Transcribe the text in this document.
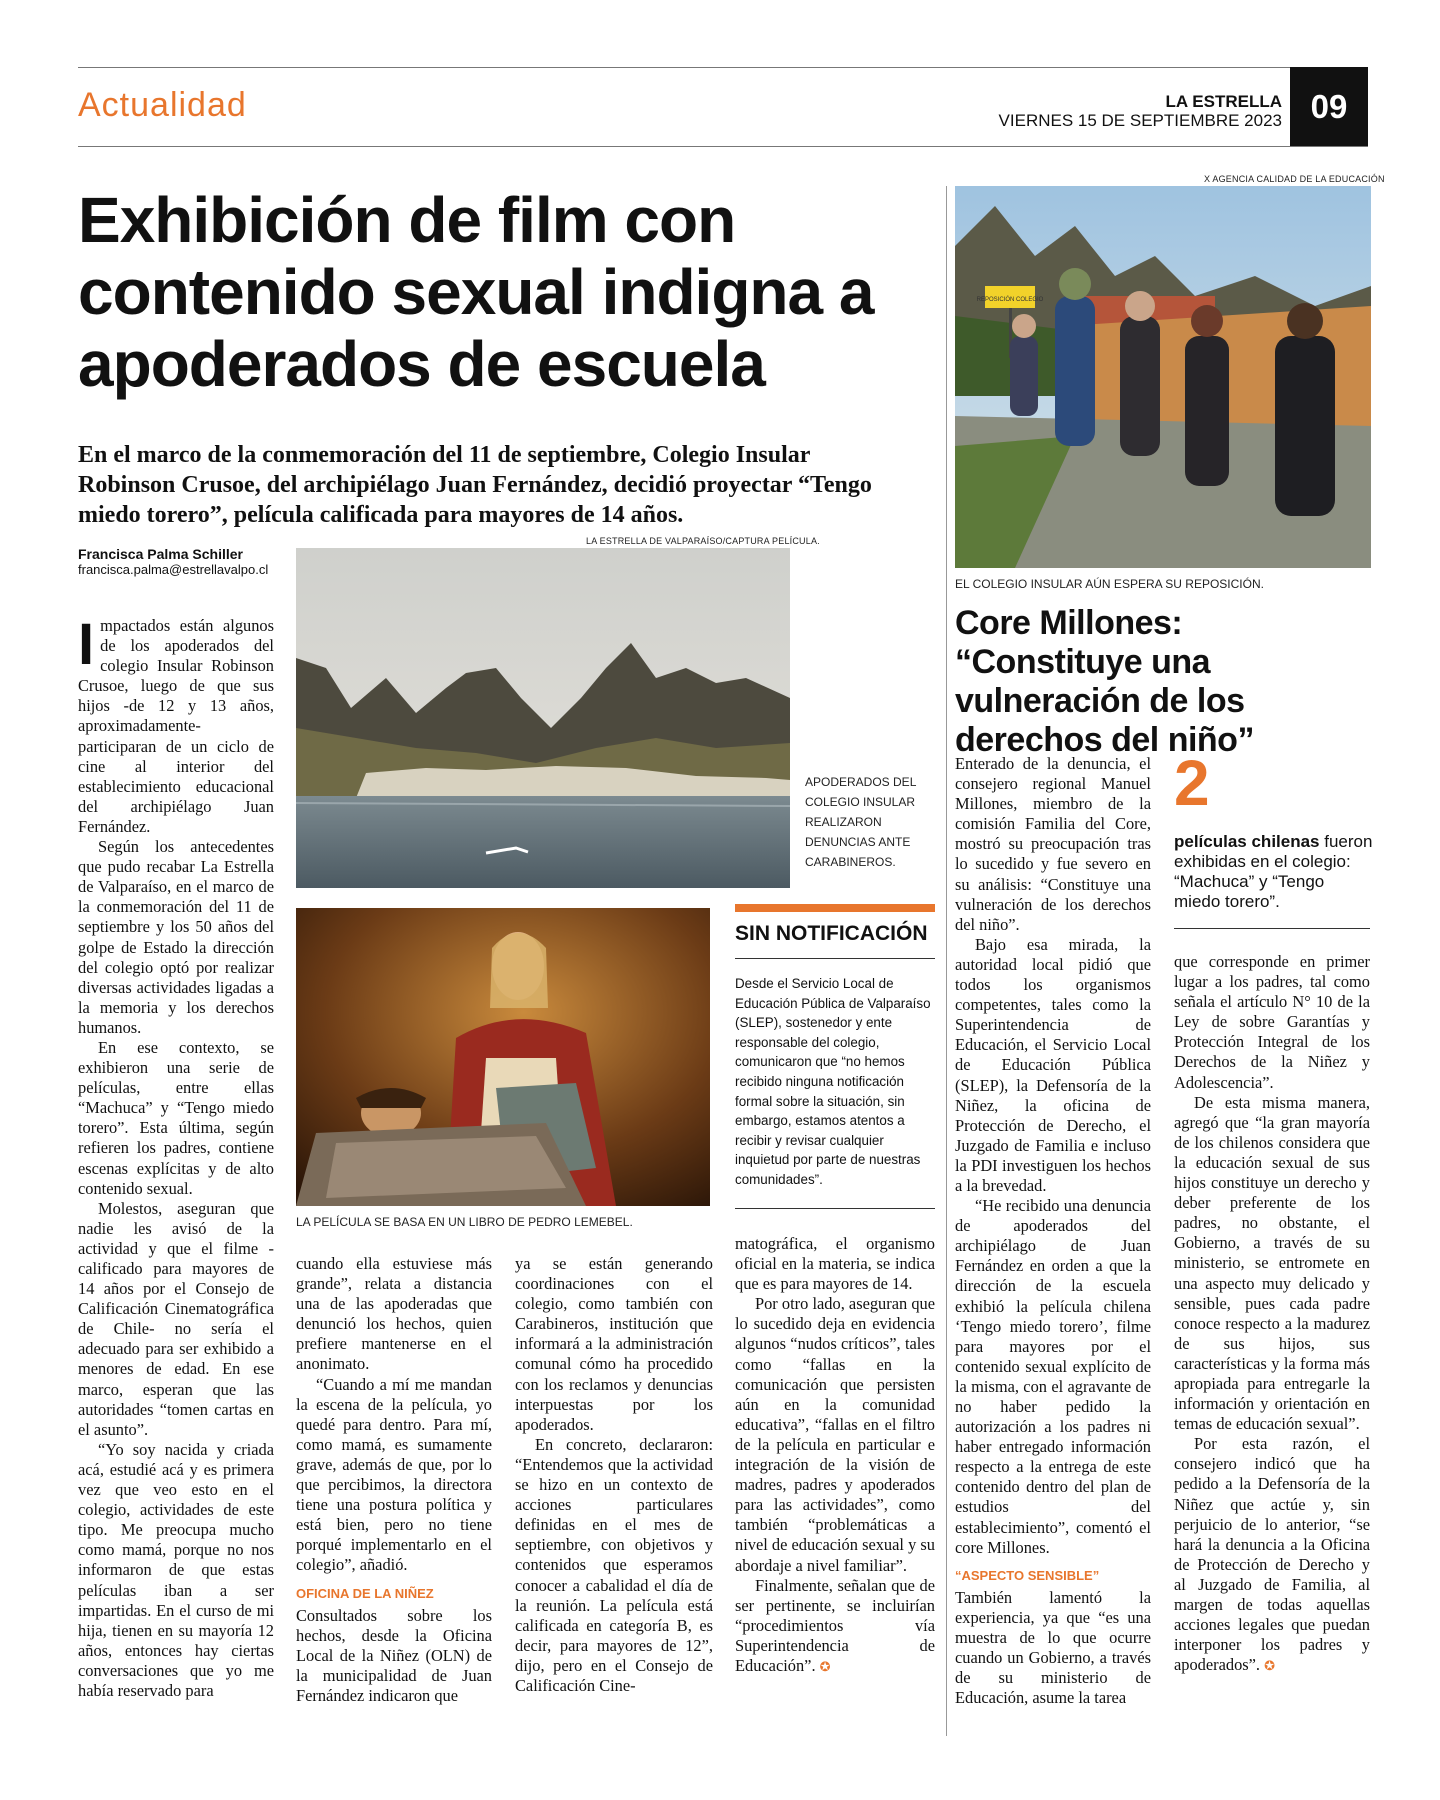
Actualidad	LA ESTRELLA
VIERNES 15 DE SEPTIEMBRE 2023 09
Exhibición de film con contenido sexual indigna a apoderados de escuela

En el marco de la conmemoración del 11 de septiembre, Colegio Insular Robinson Crusoe, del archipiélago Juan Fernández, decidió proyectar “Tengo miedo torero”, película calificada para mayores de 14 años.

Francisca Palma Schiller
francisca.palma@estrellavalpo.cl
LA ESTRELLA DE VALPARAÍSO/CAPTURA PELÍCULA.
APODERADOS DEL COLEGIO INSULAR REALIZARON DENUNCIAS ANTE CARABINEROS.
LA PELÍCULA SE BASA EN UN LIBRO DE PEDRO LEMEBEL.

Impactados están algunos de los apoderados del colegio Insular Robinson Crusoe, luego de que sus hijos -de 12 y 13 años, aproximadamente- participaran de un ciclo de cine al interior del establecimiento educacional del archipiélago Juan Fernández.

Según los antecedentes que pudo recabar La Estrella de Valparaíso, en el marco de la conmemoración del 11 de septiembre y los 50 años del golpe de Estado la dirección del colegio optó por realizar diversas actividades ligadas a la memoria y los derechos humanos.

En ese contexto, se exhibieron una serie de películas, entre ellas “Machuca” y “Tengo miedo torero”. Esta última, según refieren los padres, contiene escenas explícitas y de alto contenido sexual.

Molestos, aseguran que nadie les avisó de la actividad y que el filme -calificado para mayores de 14 años por el Consejo de Calificación Cinematográfica de Chile- no sería el adecuado para ser exhibido a menores de edad. En ese marco, esperan que las autoridades “tomen cartas en el asunto”.

“Yo soy nacida y criada acá, estudié acá y es primera vez que veo esto en el colegio, actividades de este tipo. Me preocupa mucho como mamá, porque no nos informaron de que estas películas iban a ser impartidas. En el curso de mi hija, tienen en su mayoría 12 años, entonces hay ciertas conversaciones que yo me había reservado para

cuando ella estuviese más grande”, relata a distancia una de las apoderadas que denunció los hechos, quien prefiere mantenerse en el anonimato.

“Cuando a mí me mandan la escena de la película, yo quedé para dentro. Para mí, como mamá, es sumamente grave, además de que, por lo que percibimos, la directora tiene una postura política y está bien, pero no tiene porqué implementarlo en el colegio”, añadió.

OFICINA DE LA NIÑEZ

Consultados sobre los hechos, desde la Oficina Local de la Niñez (OLN) de la municipalidad de Juan Fernández indicaron que

ya se están generando coordinaciones con el colegio, como también con Carabineros, institución que informará a la administración comunal cómo ha procedido con los reclamos y denuncias interpuestas por los apoderados.

En concreto, declararon: “Entendemos que la actividad se hizo en un contexto de acciones particulares definidas en el mes de septiembre, con objetivos y contenidos que esperamos conocer a cabalidad el día de la reunión. La película está calificada en categoría B, es decir, para mayores de 12”, dijo, pero en el Consejo de Calificación Cine-

SIN NOTIFICACIÓN
Desde el Servicio Local de Educación Pública de Valparaíso (SLEP), sostenedor y ente responsable del colegio, comunicaron que “no hemos recibido ninguna notificación formal sobre la situación, sin embargo, estamos atentos a recibir y revisar cualquier inquietud por parte de nuestras comunidades”.

matográfica, el organismo oficial en la materia, se indica que es para mayores de 14.

Por otro lado, aseguran que lo sucedido deja en evidencia algunos “nudos críticos”, tales como “fallas en la comunicación que persisten aún en la comunidad educativa”, “fallas en el filtro de la película en particular e integración de la visión de madres, padres y apoderados para las actividades”, como también “problemáticas a nivel de educación sexual y su abordaje a nivel familiar”.

Finalmente, señalan que de ser pertinente, se incluirían “procedimientos vía Superintendencia de Educación”. ✪

X AGENCIA CALIDAD DE LA EDUCACIÓN
REPOSICIÓN COLEGIO
EL COLEGIO INSULAR AÚN ESPERA SU REPOSICIÓN.
Core Millones: “Constituye una vulneración de los derechos del niño”

Enterado de la denuncia, el consejero regional Manuel Millones, miembro de la comisión Familia del Core, mostró su preocupación tras lo sucedido y fue severo en su análisis: “Constituye una vulneración de los derechos del niño”.

Bajo esa mirada, la autoridad local pidió que todos los organismos competentes, tales como la Superintendencia de Educación, el Servicio Local de Educación Pública (SLEP), la Defensoría de la Niñez, la oficina de Protección de Derecho, el Juzgado de Familia e incluso la PDI investiguen los hechos a la brevedad.

“He recibido una denuncia de apoderados del archipiélago de Juan Fernández en orden a que la dirección de la escuela exhibió la película chilena ‘Tengo miedo torero’, filme para mayores por el contenido sexual explícito de la misma, con el agravante de no haber pedido la autorización a los padres ni haber entregado información respecto a la entrega de este contenido dentro del plan de estudios del establecimiento”, comentó el core Millones.

“ASPECTO SENSIBLE”

También lamentó la experiencia, ya que “es una muestra de lo que ocurre cuando un Gobierno, a través de su ministerio de Educación, asume la tarea

2
películas chilenas fueron exhibidas en el colegio: “Machuca” y “Tengo miedo torero”.

que corresponde en primer lugar a los padres, tal como señala el artículo N° 10 de la Ley de sobre Garantías y Protección Integral de los Derechos de la Niñez y Adolescencia”.

De esta misma manera, agregó que “la gran mayoría de los chilenos considera que la educación sexual de sus hijos constituye un derecho y deber preferente de los padres, no obstante, el Gobierno, a través de su ministerio, se entromete en una aspecto muy delicado y sensible, pues cada padre conoce respecto a la madurez de sus hijos, sus características y la forma más apropiada para entregarle la información y orientación en temas de educación sexual”.

Por esta razón, el consejero indicó que ha pedido a la Defensoría de la Niñez que actúe y, sin perjuicio de lo anterior, “se hará la denuncia a la Oficina de Protección de Derecho y al Juzgado de Familia, al margen de todas aquellas acciones legales que puedan interponer los padres y apoderados”. ✪
